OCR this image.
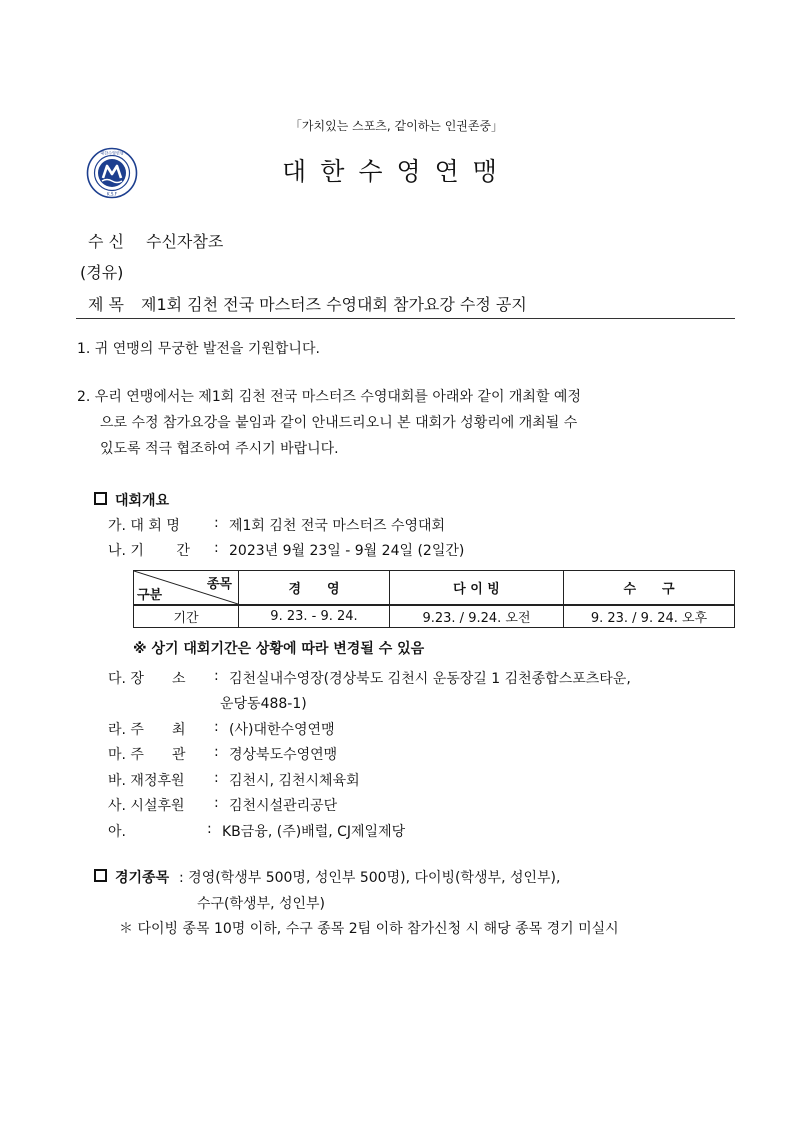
「가치있는 스포츠, 같이하는 인권존중」
대한수영연맹
K.S.F
대한수영연맹
수 신 수신자참조
(경유)
제 목 제1회 김천 전국 마스터즈 수영대회 참가요강 수정 공지
1. 귀 연맹의 무궁한 발전을 기원합니다.
2. 우리 연맹에서는 제1회 김천 전국 마스터즈 수영대회를 아래와 같이 개최할 예정
으로 수정 참가요강을 붙임과 같이 안내드리오니 본 대회가 성황리에 개최될 수
있도록 적극 협조하여 주시기 바랍니다.
대회개요
가. 대 회 명 : 제1회 김천 전국 마스터즈 수영대회
나. 기　 　간 : 2023년 9월 23일 - 9월 24일 (2일간)
종목
구분	경　　영	다 이 빙	수　　구
기간	9. 23. - 9. 24.	9.23. / 9.24. 오전	9. 23. / 9. 24. 오후
※ 상기 대회기간은 상황에 따라 변경될 수 있음
다. 장　　소 : 김천실내수영장(경상북도 김천시 운동장길 1 김천종합스포츠타운,
운당동488-1)
라. 주　　최 : (사)대한수영연맹
마. 주　　관 : 경상북도수영연맹
바. 재정후원 : 김천시, 김천시체육회
사. 시설후원 : 김천시설관리공단
아.	: KB금융, (주)배럴, CJ제일제당
경기종목 : 경영(학생부 500명, 성인부 500명), 다이빙(학생부, 성인부),
수구(학생부, 성인부)
＊ 다이빙 종목 10명 이하, 수구 종목 2팀 이하 참가신청 시 해당 종목 경기 미실시
